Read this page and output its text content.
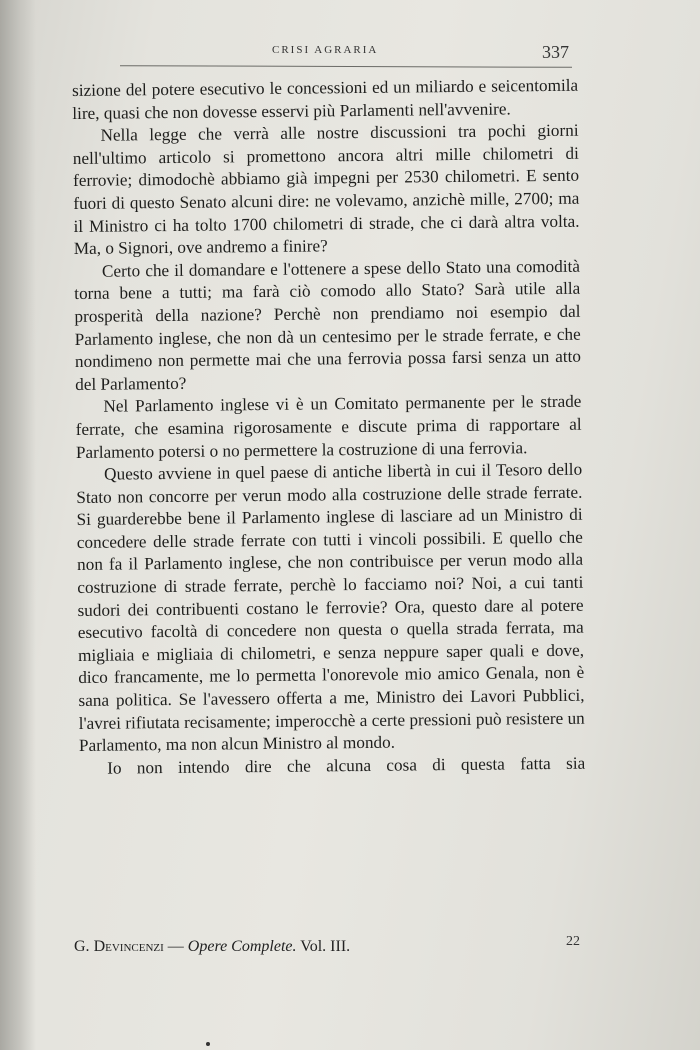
CRISI AGRARIA	337

sizione del potere esecutivo le concessioni ed un miliardo e seicentomila lire, quasi che non dovesse esservi più Parlamenti nell'avvenire.

Nella legge che verrà alle nostre discussioni tra pochi giorni nell'ultimo articolo si promettono ancora altri mille chilometri di ferrovie; dimodochè abbiamo già impegni per 2530 chilometri. E sento fuori di questo Senato alcuni dire: ne volevamo, anzichè mille, 2700; ma il Ministro ci ha tolto 1700 chilometri di strade, che ci darà altra volta. Ma, o Signori, ove andremo a finire?

Certo che il domandare e l'ottenere a spese dello Stato una comodità torna bene a tutti; ma farà ciò comodo allo Stato? Sarà utile alla prosperità della nazione? Perchè non prendiamo noi esempio dal Parlamento inglese, che non dà un centesimo per le strade ferrate, e che nondimeno non permette mai che una ferrovia possa farsi senza un atto del Parlamento?

Nel Parlamento inglese vi è un Comitato permanente per le strade ferrate, che esamina rigorosamente e discute prima di rapportare al Parlamento potersi o no permettere la costruzione di una ferrovia.

Questo avviene in quel paese di antiche libertà in cui il Tesoro dello Stato non concorre per verun modo alla costruzione delle strade ferrate. Si guarderebbe bene il Parlamento inglese di lasciare ad un Ministro di concedere delle strade ferrate con tutti i vincoli possibili. E quello che non fa il Parlamento inglese, che non contribuisce per verun modo alla costruzione di strade ferrate, perchè lo facciamo noi? Noi, a cui tanti sudori dei contribuenti costano le ferrovie? Ora, questo dare al potere esecutivo facoltà di concedere non questa o quella strada ferrata, ma migliaia e migliaia di chilometri, e senza neppure saper quali e dove, dico francamente, me lo permetta l'onorevole mio amico Genala, non è sana politica. Se l'avessero offerta a me, Ministro dei Lavori Pubblici, l'avrei rifiutata recisamente; imperocchè a certe pressioni può resistere un Parlamento, ma non alcun Ministro al mondo.

Io non intendo dire che alcuna cosa di questa fatta sia

G. Devincenzi — Opere Complete. Vol. III.	22
